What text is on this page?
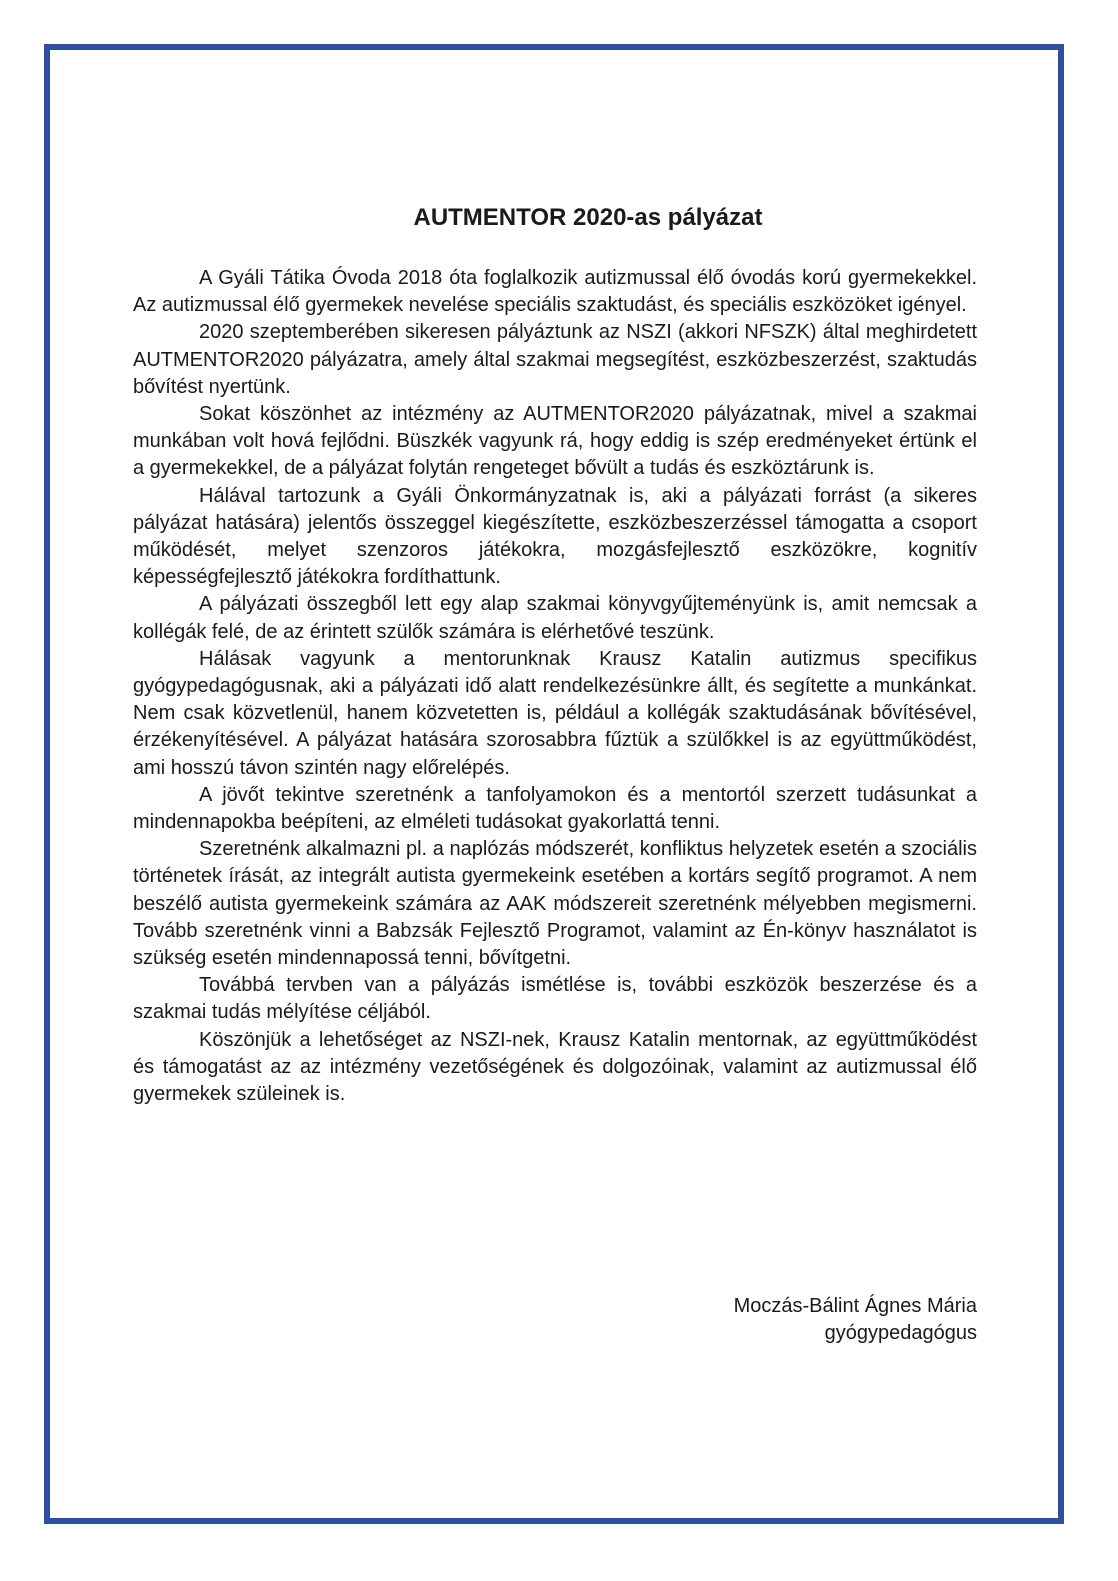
AUTMENTOR 2020-as pályázat

A Gyáli Tátika Óvoda 2018 óta foglalkozik autizmussal élő óvodás korú gyermekekkel. Az autizmussal élő gyermekek nevelése speciális szaktudást, és speciális eszközöket igényel.

2020 szeptemberében sikeresen pályáztunk az NSZI (akkori NFSZK) által meghirdetett AUTMENTOR2020 pályázatra, amely által szakmai megsegítést, eszközbeszerzést, szaktudás bővítést nyertünk.

Sokat köszönhet az intézmény az AUTMENTOR2020 pályázatnak, mivel a szakmai munkában volt hová fejlődni. Büszkék vagyunk rá, hogy eddig is szép eredményeket értünk el a gyermekekkel, de a pályázat folytán rengeteget bővült a tudás és eszköztárunk is.

Hálával tartozunk a Gyáli Önkormányzatnak is, aki a pályázati forrást (a sikeres pályázat hatására) jelentős összeggel kiegészítette, eszközbeszerzéssel támogatta a csoport működését, melyet szenzoros játékokra, mozgásfejlesztő eszközökre, kognitív képességfejlesztő játékokra fordíthattunk.

A pályázati összegből lett egy alap szakmai könyvgyűjteményünk is, amit nemcsak a kollégák felé, de az érintett szülők számára is elérhetővé teszünk.

Hálásak vagyunk a mentorunknak Krausz Katalin autizmus specifikus gyógypedagógusnak, aki a pályázati idő alatt rendelkezésünkre állt, és segítette a munkánkat. Nem csak közvetlenül, hanem közvetetten is, például a kollégák szaktudásának bővítésével, érzékenyítésével. A pályázat hatására szorosabbra fűztük a szülőkkel is az együttműködést, ami hosszú távon szintén nagy előrelépés.

A jövőt tekintve szeretnénk a tanfolyamokon és a mentortól szerzett tudásunkat a mindennapokba beépíteni, az elméleti tudásokat gyakorlattá tenni.

Szeretnénk alkalmazni pl. a naplózás módszerét, konfliktus helyzetek esetén a szociális történetek írását, az integrált autista gyermekeink esetében a kortárs segítő programot. A nem beszélő autista gyermekeink számára az AAK módszereit szeretnénk mélyebben megismerni. Tovább szeretnénk vinni a Babzsák Fejlesztő Programot, valamint az Én-könyv használatot is szükség esetén mindennapossá tenni, bővítgetni.

Továbbá tervben van a pályázás ismétlése is, további eszközök beszerzése és a szakmai tudás mélyítése céljából.

Köszönjük a lehetőséget az NSZI-nek, Krausz Katalin mentornak, az együttműködést és támogatást az az intézmény vezetőségének és dolgozóinak, valamint az autizmussal élő gyermekek szüleinek is.

Moczás-Bálint Ágnes Mária
gyógypedagógus
